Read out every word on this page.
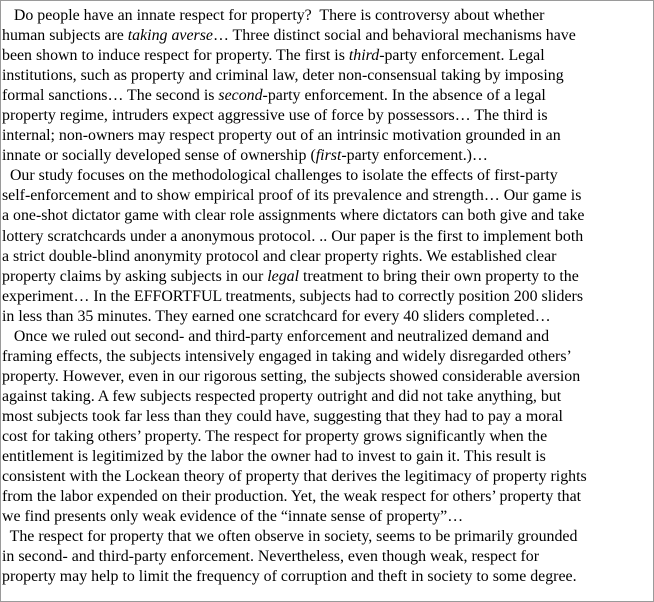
Do people have an innate respect for property?  There is controversy about whether
human subjects are taking averse… Three distinct social and behavioral mechanisms have
been shown to induce respect for property. The first is third-party enforcement. Legal
institutions, such as property and criminal law, deter non-consensual taking by imposing
formal sanctions… The second is second-party enforcement. In the absence of a legal
property regime, intruders expect aggressive use of force by possessors… The third is
internal; non-owners may respect property out of an intrinsic motivation grounded in an
innate or socially developed sense of ownership (first-party enforcement.)…
Our study focuses on the methodological challenges to isolate the effects of first-party
self-enforcement and to show empirical proof of its prevalence and strength… Our game is
a one-shot dictator game with clear role assignments where dictators can both give and take
lottery scratchcards under a anonymous protocol. .. Our paper is the first to implement both
a strict double-blind anonymity protocol and clear property rights. We established clear
property claims by asking subjects in our legal treatment to bring their own property to the
experiment… In the EFFORTFUL treatments, subjects had to correctly position 200 sliders
in less than 35 minutes. They earned one scratchcard for every 40 sliders completed…
Once we ruled out second- and third-party enforcement and neutralized demand and
framing effects, the subjects intensively engaged in taking and widely disregarded others’
property. However, even in our rigorous setting, the subjects showed considerable aversion
against taking. A few subjects respected property outright and did not take anything, but
most subjects took far less than they could have, suggesting that they had to pay a moral
cost for taking others’ property. The respect for property grows significantly when the
entitlement is legitimized by the labor the owner had to invest to gain it. This result is
consistent with the Lockean theory of property that derives the legitimacy of property rights
from the labor expended on their production. Yet, the weak respect for others’ property that
we find presents only weak evidence of the “innate sense of property”…
The respect for property that we often observe in society, seems to be primarily grounded
in second- and third-party enforcement. Nevertheless, even though weak, respect for
property may help to limit the frequency of corruption and theft in society to some degree.
